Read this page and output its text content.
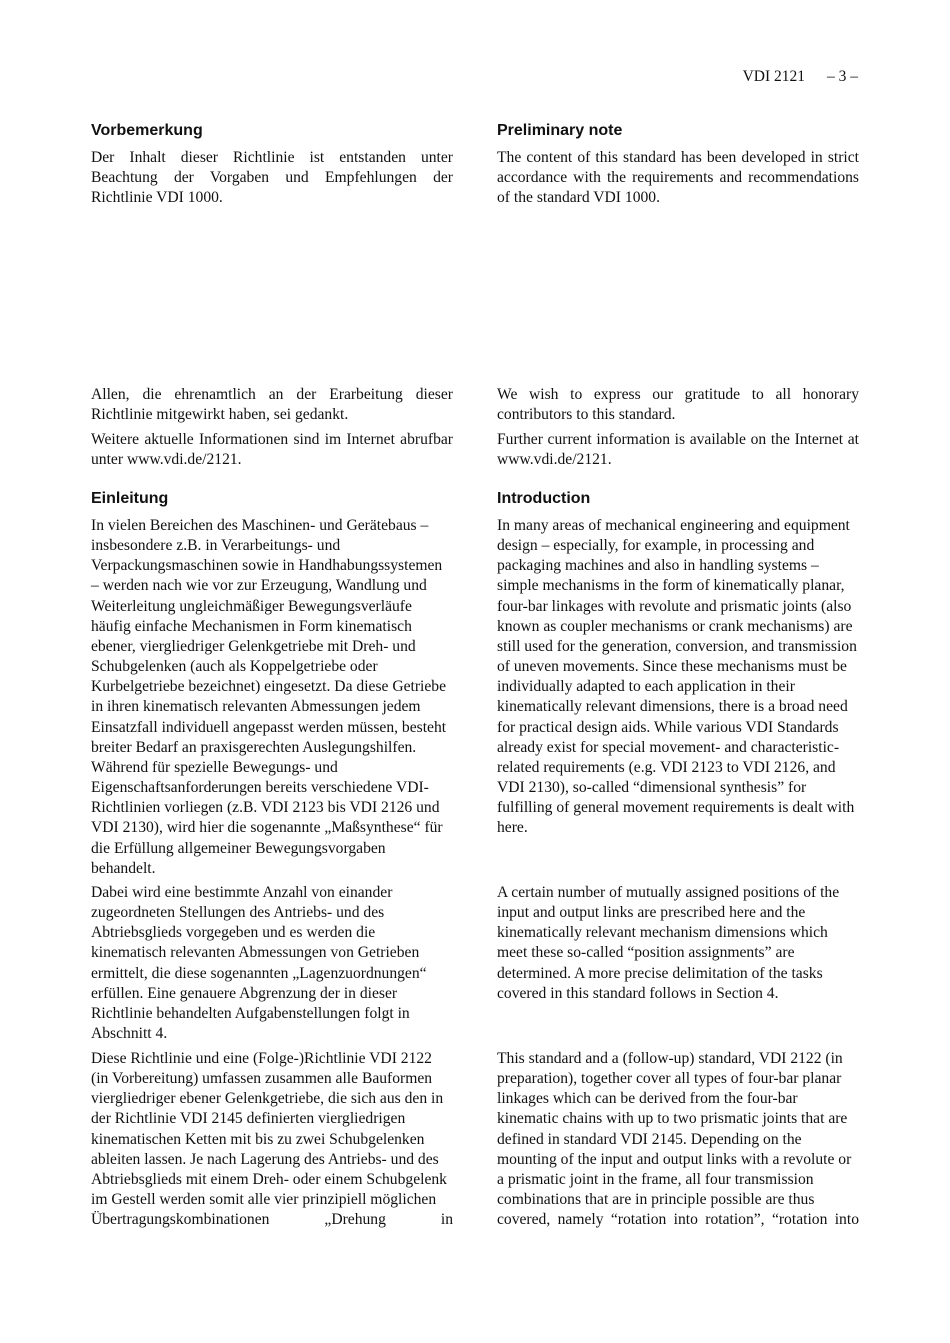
VDI 2121 – 3 –
Vorbemerkung

Der Inhalt dieser Richtlinie ist entstanden unter Beachtung der Vorgaben und Empfehlungen der Richtlinie VDI 1000.

Allen, die ehrenamtlich an der Erarbeitung dieser Richtlinie mitgewirkt haben, sei gedankt.

Weitere aktuelle Informationen sind im Internet abrufbar unter www.vdi.de/2121.

Einleitung

In vielen Bereichen des Maschinen- und Gerätebaus – insbesondere z.B. in Verarbeitungs- und Verpackungsmaschinen sowie in Handhabungssystemen – werden nach wie vor zur Erzeugung, Wandlung und Weiterleitung ungleichmäßiger Bewegungsverläufe häufig einfache Mechanismen in Form kinematisch ebener, viergliedriger Gelenkgetriebe mit Dreh- und Schubgelenken (auch als Koppelgetriebe oder Kurbelgetriebe bezeichnet) eingesetzt. Da diese Getriebe in ihren kinematisch relevanten Abmessungen jedem Einsatzfall individuell angepasst werden müssen, besteht breiter Bedarf an praxisgerechten Auslegungshilfen. Während für spezielle Bewegungs- und Eigenschaftsanforderungen bereits verschiedene VDI-Richtlinien vorliegen (z.B. VDI 2123 bis VDI 2126 und VDI 2130), wird hier die sogenannte „Maßsynthese“ für die Erfüllung allgemeiner Bewegungsvorgaben behandelt.

Dabei wird eine bestimmte Anzahl von einander zugeordneten Stellungen des Antriebs- und des Abtriebsglieds vorgegeben und es werden die kinematisch relevanten Abmessungen von Getrieben ermittelt, die diese sogenannten „Lagenzuordnungen“ erfüllen. Eine genauere Abgrenzung der in dieser Richtlinie behandelten Aufgabenstellungen folgt in Abschnitt 4.

Diese Richtlinie und eine (Folge-)Richtlinie VDI 2122 (in Vorbereitung) umfassen zusammen alle Bauformen viergliedriger ebener Gelenkgetriebe, die sich aus den in der Richtlinie VDI 2145 definierten viergliedrigen kinematischen Ketten mit bis zu zwei Schubgelenken ableiten lassen. Je nach Lagerung des Antriebs- und des Abtriebsglieds mit einem Dreh- oder einem Schubgelenk im Gestell werden somit alle vier prinzipiell möglichen Übertragungskombinationen „Drehung in

Preliminary note

The content of this standard has been developed in strict accordance with the requirements and recommendations of the standard VDI 1000.

We wish to express our gratitude to all honorary contributors to this standard.

Further current information is available on the Internet at www.vdi.de/2121.

Introduction

In many areas of mechanical engineering and equipment design – especially, for example, in processing and packaging machines and also in handling systems – simple mechanisms in the form of kinematically planar, four-bar linkages with revolute and prismatic joints (also known as coupler mechanisms or crank mechanisms) are still used for the generation, conversion, and transmission of uneven movements. Since these mechanisms must be individually adapted to each application in their kinematically relevant dimensions, there is a broad need for practical design aids. While various VDI Standards already exist for special movement- and characteristic-related requirements (e.g. VDI 2123 to VDI 2126, and VDI 2130), so-called “dimensional synthesis” for fulfilling of general movement requirements is dealt with here.

A certain number of mutually assigned positions of the input and output links are prescribed here and the kinematically relevant mechanism dimensions which meet these so-called “position assignments” are determined. A more precise delimitation of the tasks covered in this standard follows in Section 4.

This standard and a (follow-up) standard, VDI 2122 (in preparation), together cover all types of four-bar planar linkages which can be derived from the four-bar kinematic chains with up to two prismatic joints that are defined in standard VDI 2145. Depending on the mounting of the input and output links with a revolute or a prismatic joint in the frame, all four transmission combinations that are in principle possible are thus covered, namely “rotation into rotation”, “rotation into
